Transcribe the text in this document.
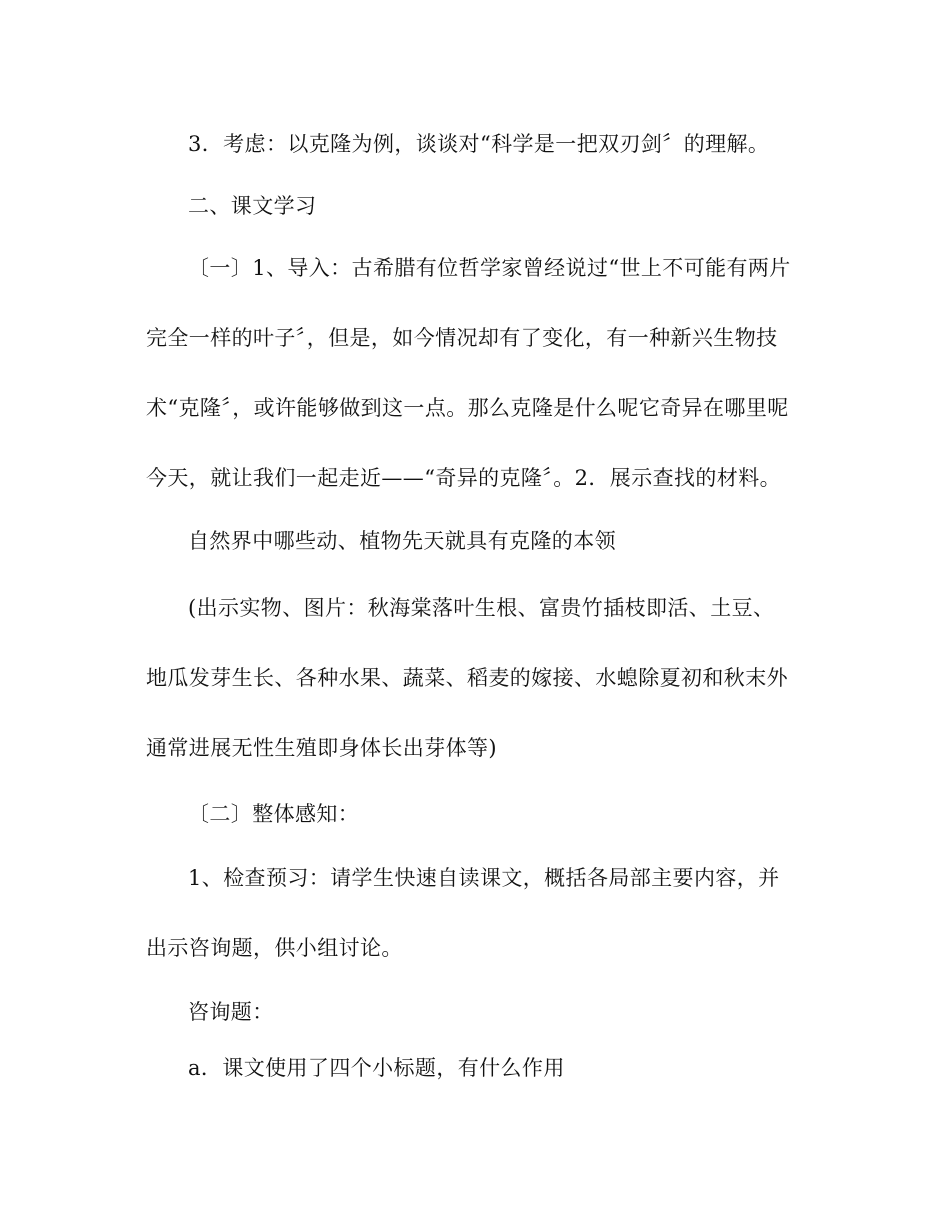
3．考虑：以克隆为例，谈谈对“科学是一把双刃剑〞的理解。
二、课文学习
〔一〕1、导入：古希腊有位哲学家曾经说过“世上不可能有两片
完全一样的叶子〞，但是，如今情况却有了变化，有一种新兴生物技
术“克隆〞，或许能够做到这一点。那么克隆是什么呢它奇异在哪里呢
今天，就让我们一起走近——“奇异的克隆〞。2．展示查找的材料。
自然界中哪些动、植物先天就具有克隆的本领
(出示实物、图片：秋海棠落叶生根、富贵竹插枝即活、土豆、
地瓜发芽生长、各种水果、蔬菜、稻麦的嫁接、水螅除夏初和秋末外
通常进展无性生殖即身体长出芽体等)
〔二〕整体感知：
1、检查预习：请学生快速自读课文，概括各局部主要内容，并
出示咨询题，供小组讨论。
咨询题：
a．课文使用了四个小标题，有什么作用
